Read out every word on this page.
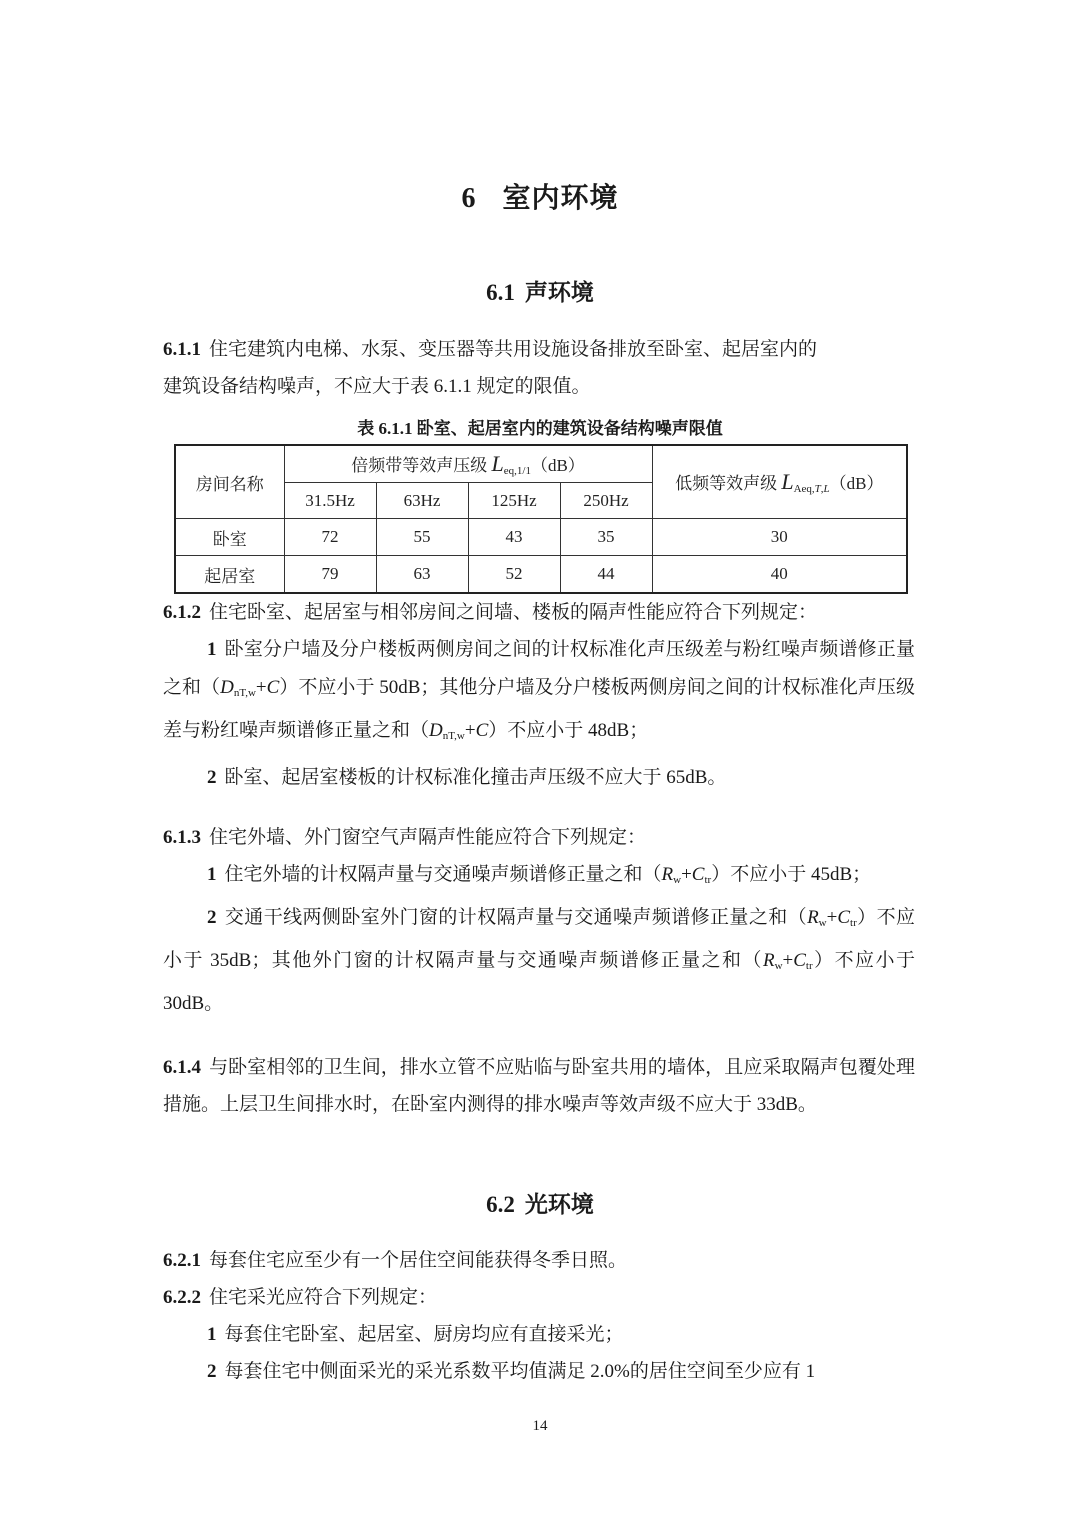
6 室内环境
6.1 声环境
6.1.1 住宅建筑内电梯、水泵、变压器等共用设施设备排放至卧室、起居室内的
建筑设备结构噪声，不应大于表 6.1.1 规定的限值。
表 6.1.1 卧室、起居室内的建筑设备结构噪声限值
房间名称	倍频带等效声压级 $L_{eq,1/1}(dB)$				低频等效声级 $L_{Aeq,}T_,L(dB)$
	31.5Hz	63Hz	125Hz	250Hz	
卧室	72	55	43	35	30
起居室	79	63	52	44	40
6.1.2 住宅卧室、起居室与相邻房间之间墙、楼板的隔声性能应符合下列规定：
1 卧室分户墙及分户楼板两侧房间之间的计权标准化声压级差与粉红噪声频谱修正量之和$(D_{nT,w}+C)$不应小于 50dB；其他分户墙及分户楼板两侧房间之间的计权标准化声压级差与粉红噪声频谱修正量之和$(D_{nT,w}+C)$不应小于 48dB；
2 卧室、起居室楼板的计权标准化撞击声压级不应大于 65dB。
6.1.3 住宅外墙、外门窗空气声隔声性能应符合下列规定：
1 住宅外墙的计权隔声量与交通噪声频谱修正量之和$(R_w+C_{tr})$不应小于 45dB；
2 交通干线两侧卧室外门窗的计权隔声量与交通噪声频谱修正量之和$(R_w+C_{tr})$不应小于 35dB；其他外门窗的计权隔声量与交通噪声频谱修正量之和$(R_w+C_{tr})$不应小于 30dB。
6.1.4 与卧室相邻的卫生间，排水立管不应贴临与卧室共用的墙体，且应采取隔声包覆处理措施。上层卫生间排水时，在卧室内测得的排水噪声等效声级不应大于 33dB。
6.2 光环境
6.2.1 每套住宅应至少有一个居住空间能获得冬季日照。
6.2.2 住宅采光应符合下列规定：
1 每套住宅卧室、起居室、厨房均应有直接采光；
2 每套住宅中侧面采光的采光系数平均值满足 2.0%的居住空间至少应有 1
14
